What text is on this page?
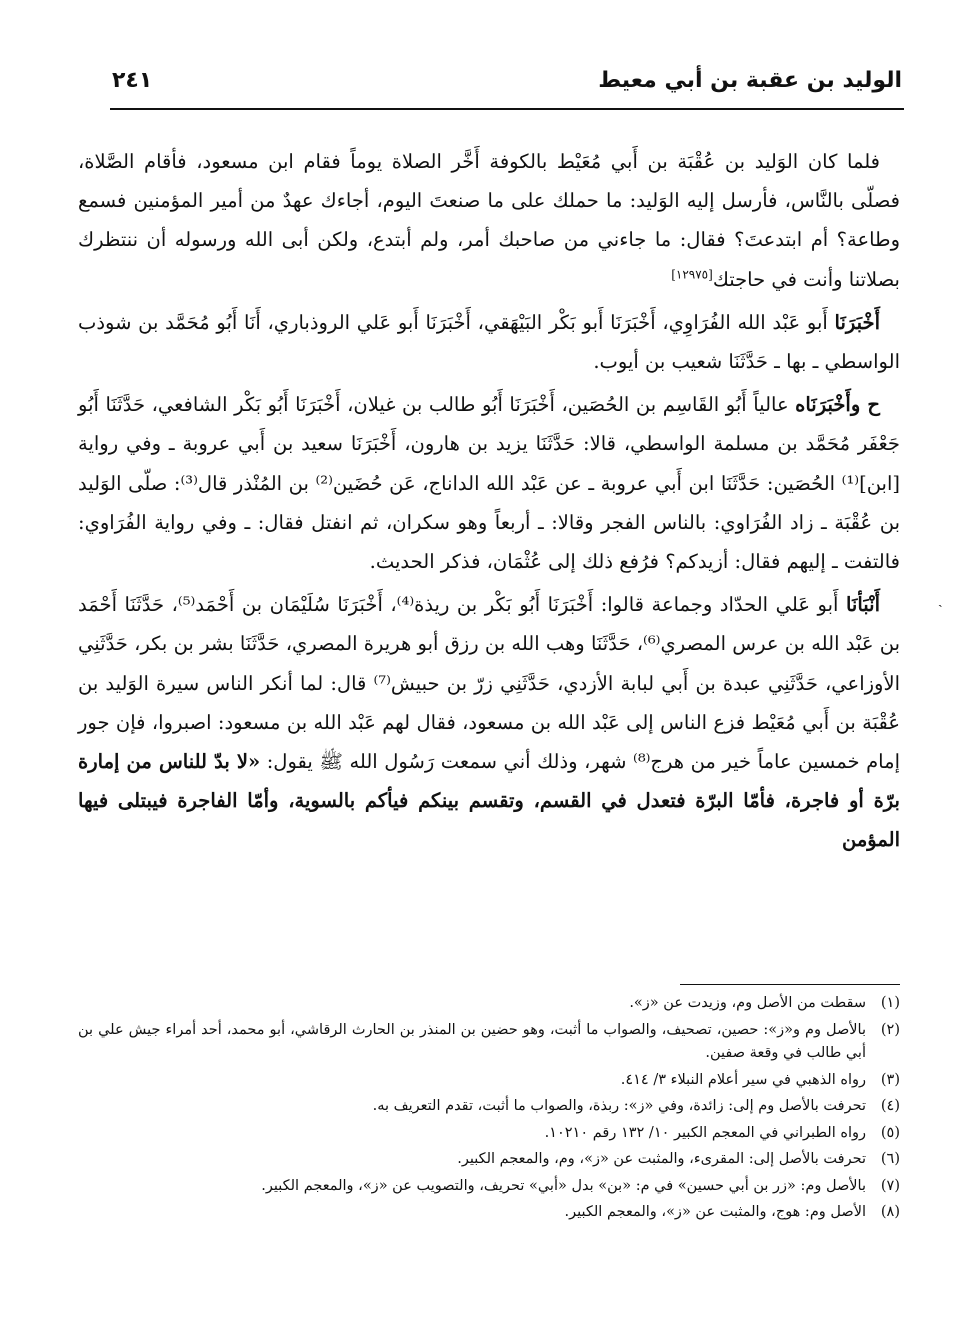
الوليد بن عقبة بن أبي معيط
٢٤١

فلما كان الوَليد بن عُقْبَة بن أَبي مُعَيْط بالكوفة أَخَّر الصلاة يوماً فقام ابن مسعود، فأقام الصَّلاة، فصلّى بالنَّاس، فأرسل إليه الوَليد: ما حملك على ما صنعتَ اليوم، أجاءك عهدٌ من أمير المؤمنين فسمع وطاعة؟ أم ابتدعتَ؟ فقال: ما جاءني من صاحبك أمر، ولم أبتدع، ولكن أبى الله ورسوله أن ننتظرك بصلاتنا وأنت في حاجتك[١٢٩٧٥]

أَخْبَرَنَا أَبو عَبْد الله الفُرَاوِي، أَخْبَرَنَا أَبو بَكْر البَيْهَقي، أَخْبَرَنَا أَبو عَلي الروذباري، أَنَا أَبُو مُحَمَّد بن شوذب الواسطي ـ بها ـ حَدَّثَنَا شعيب بن أيوب.

ح وأَخْبَرَنَاه عالياً أَبُو القَاسِم بن الحُصَين، أَخْبَرَنَا أَبُو طالب بن غيلان، أَخْبَرَنَا أَبُو بَكْر الشافعي، حَدَّثَنَا أَبُو جَعْفَر مُحَمَّد بن مسلمة الواسطي، قالا: حَدَّثَنَا يزيد بن هارون، أَخْبَرَنَا سعيد بن أَبي عروبة ـ وفي رواية [ابن]⁽¹⁾ الحُصَين: حَدَّثَنَا ابن أَبي عروبة ـ عن عَبْد الله الداناج، عَن حُضَين⁽²⁾ بن المُنْذر قال⁽³⁾: صلّى الوَليد بن عُقْبَة ـ زاد الفُرَاوي: بالناس الفجر وقالا: ـ أربعاً وهو سكران، ثم انفتل فقال: ـ وفي رواية الفُرَاوي: فالتفت ـ إليهم فقال: أزيدكم؟ فرُفع ذلك إلى عُثْمَان، فذكر الحديث.

أَنْبَأنَا أَبو عَلي الحدّاد وجماعة قالوا: أَخْبَرَنَا أَبُو بَكْر بن ريذة⁽⁴⁾، أَخْبَرَنَا سُلَيْمَان بن أَحْمَد⁽⁵⁾، حَدَّثَنَا أَحْمَد بن عَبْد الله بن عرس المصري⁽⁶⁾، حَدَّثَنَا وهب الله بن رزق أبو هريرة المصري، حَدَّثَنَا بشر بن بكر، حَدَّثَنِي الأوزاعي، حَدَّثَنِي عبدة بن أَبي لبابة الأزدي، حَدَّثَنِي زرّ بن حبيش⁽⁷⁾ قال: لما أنكر الناس سيرة الوَليد بن عُقْبَة بن أَبي مُعَيْط فزع الناس إلى عَبْد الله بن مسعود، فقال لهم عَبْد الله بن مسعود: اصبروا، فإن جور إمام خمسين عاماً خير من هرج⁽⁸⁾ شهر، وذلك أني سمعت رَسُول الله ﷺ يقول: «لا بدّ للناس من إمارة برّة أو فاجرة، فأمّا البرّة فتعدل في القسم، وتقسم بينكم فيأكم بالسوية، وأمّا الفاجرة فيبتلى فيها المؤمن

(١)
سقطت من الأصل وم، وزيدت عن «ز».
(٢)
بالأصل وم و«ز»: حصين، تصحيف، والصواب ما أثبت، وهو حضين بن المنذر بن الحارث الرقاشي، أبو محمد، أحد أمراء جيش علي بن أبي طالب في وقعة صفين.
(٣)
رواه الذهبي في سير أعلام النبلاء ٣/ ٤١٤.
(٤)
تحرفت بالأصل وم إلى: زائدة، وفي «ز»: ربذة، والصواب ما أثبت، تقدم التعريف به.
(٥)
رواه الطبراني في المعجم الكبير ١٠/ ١٣٢ رقم ١٠٢١٠.
(٦)
تحرفت بالأصل إلى: المقرىء، والمثبت عن «ز»، وم، والمعجم الكبير.
(٧)
بالأصل وم: «زر بن أبي حسين» في م: «بن» بدل «أبي» تحريف، والتصويب عن «ز»، والمعجم الكبير.
(٨)
الأصل وم: هوج، والمثبت عن «ز»، والمعجم الكبير.
ˎ
